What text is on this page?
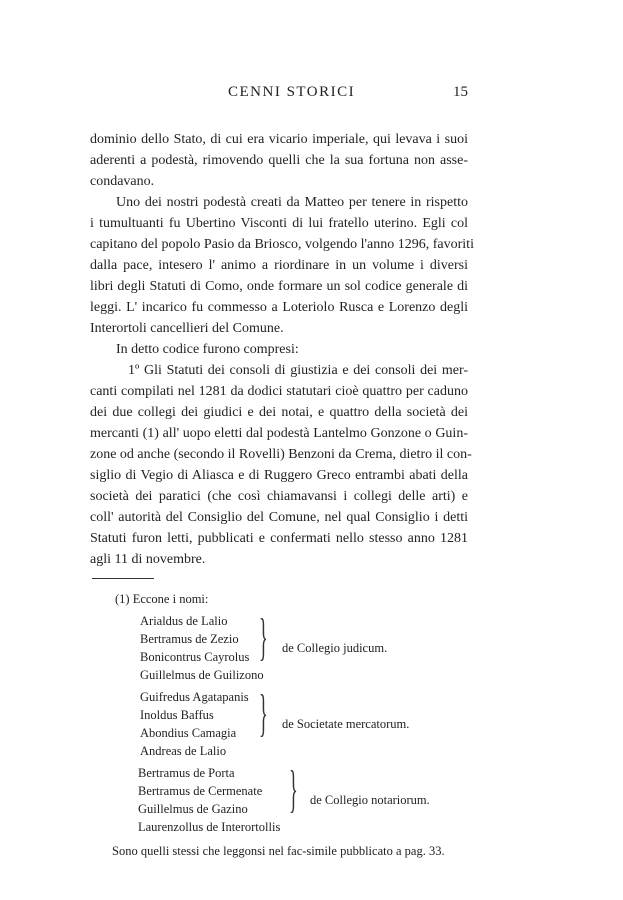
CENNI STORICI	15
dominio dello Stato, di cui era vicario imperiale, qui levava i suoi
aderenti a podestà, rimovendo quelli che la sua fortuna non asse-
condavano.
Uno dei nostri podestà creati da Matteo per tenere in rispetto
i tumultuanti fu Ubertino Visconti di lui fratello uterino. Egli col
capitano del popolo Pasio da Briosco, volgendo l'anno 1296, favoriti
dalla pace, intesero l' animo a riordinare in un volume i diversi
libri degli Statuti di Como, onde formare un sol codice generale di
leggi. L' incarico fu commesso a Loteriolo Rusca e Lorenzo degli
Interortoli cancellieri del Comune.
In detto codice furono compresi:
1º Gli Statuti dei consoli di giustizia e dei consoli dei mer-
canti compilati nel 1281 da dodici statutari cioè quattro per caduno
dei due collegi dei giudici e dei notai, e quattro della società dei
mercanti (1) all' uopo eletti dal podestà Lantelmo Gonzone o Guin-
zone od anche (secondo il Rovelli) Benzoni da Crema, dietro il con-
siglio di Vegio di Aliasca e di Ruggero Greco entrambi abati della
società dei paratici (che così chiamavansi i collegi delle arti) e
coll' autorità del Consiglio del Comune, nel qual Consiglio i detti
Statuti furon letti, pubblicati e confermati nello stesso anno 1281
agli 11 di novembre.
(1) Eccone i nomi:
Arialdus de Lalio
Bertramus de Zezio
Bonicontrus Cayrolus
Guillelmus de Guilizono
} de Collegio judicum.
Guifredus Agatapanis
Inoldus Baffus
Abondius Camagia
Andreas de Lalio
} de Societate mercatorum.
Bertramus de Porta
Bertramus de Cermenate
Guillelmus de Gazino
Laurenzollus de Interortollis
} de Collegio notariorum.
Sono quelli stessi che leggonsi nel fac-simile pubblicato a pag. 33.
